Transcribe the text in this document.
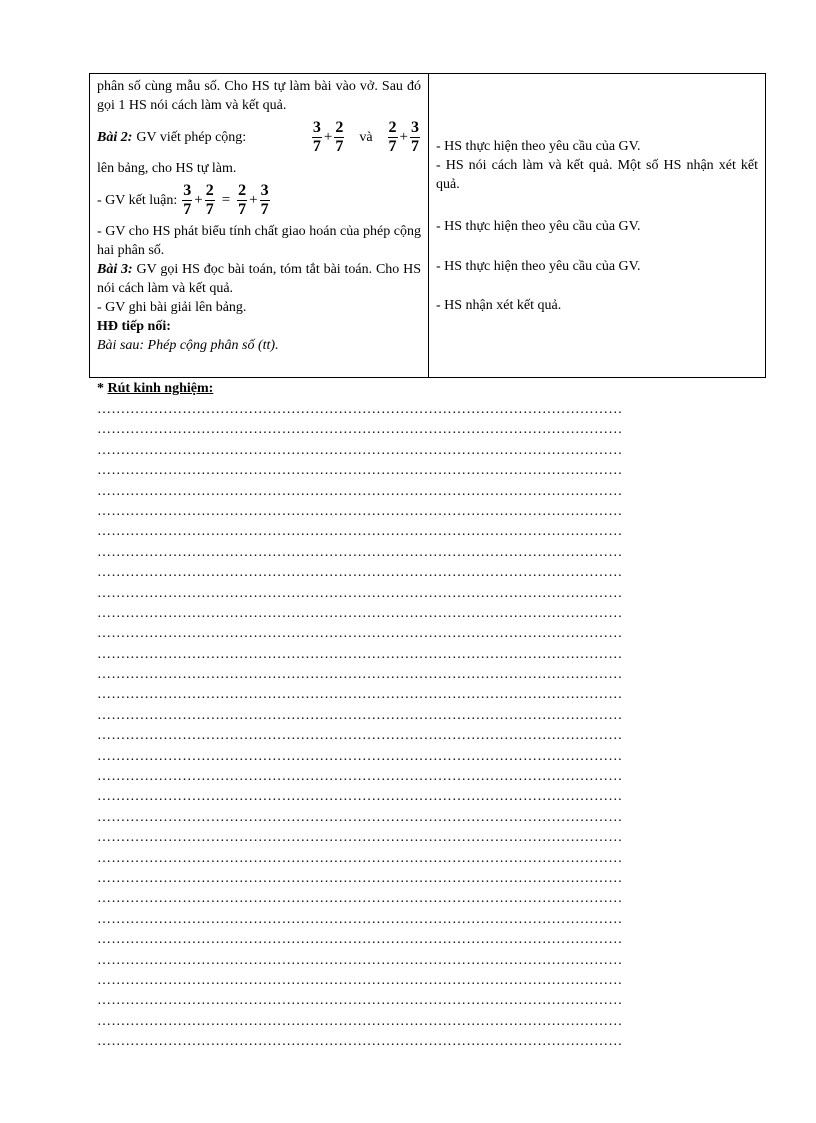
phân số cùng mẫu số. Cho HS tự làm bài vào vở. Sau đó gọi 1 HS nói cách làm và kết quả.

Bài 2: GV viết phép cộng:	$\frac{3}{7} + \frac{2}{7}$ và $\frac{2}{7} + \frac{3}{7}$

lên bảng, cho HS tự làm.

- GV kết luận: $\frac{3}{7} + \frac{2}{7} = \frac{2}{7} + \frac{3}{7}$

- GV cho HS phát biểu tính chất giao hoán của phép cộng hai phân số.

Bài 3: GV gọi HS đọc bài toán, tóm tắt bài toán. Cho HS nói cách làm và kết quả.

- GV ghi bài giải lên bảng.

HĐ tiếp nối:

Bài sau: Phép cộng phân số (tt).

- HS thực hiện theo yêu cầu của GV.

- HS nói cách làm và kết quả. Một số HS nhận xét kết quả.

- HS thực hiện theo yêu cầu của GV.

- HS thực hiện theo yêu cầu của GV.

- HS nhận xét kết quả.

* Rút kinh nghiệm:
…………………………………………………………………………………………………
…………………………………………………………………………………………………
…………………………………………………………………………………………………
…………………………………………………………………………………………………
…………………………………………………………………………………………………
…………………………………………………………………………………………………
…………………………………………………………………………………………………
…………………………………………………………………………………………………
…………………………………………………………………………………………………
…………………………………………………………………………………………………
…………………………………………………………………………………………………
…………………………………………………………………………………………………
…………………………………………………………………………………………………
…………………………………………………………………………………………………
…………………………………………………………………………………………………
…………………………………………………………………………………………………
…………………………………………………………………………………………………
…………………………………………………………………………………………………
…………………………………………………………………………………………………
…………………………………………………………………………………………………
…………………………………………………………………………………………………
…………………………………………………………………………………………………
…………………………………………………………………………………………………
…………………………………………………………………………………………………
…………………………………………………………………………………………………
…………………………………………………………………………………………………
…………………………………………………………………………………………………
…………………………………………………………………………………………………
…………………………………………………………………………………………………
…………………………………………………………………………………………………
…………………………………………………………………………………………………
…………………………………………………………………………………………………
